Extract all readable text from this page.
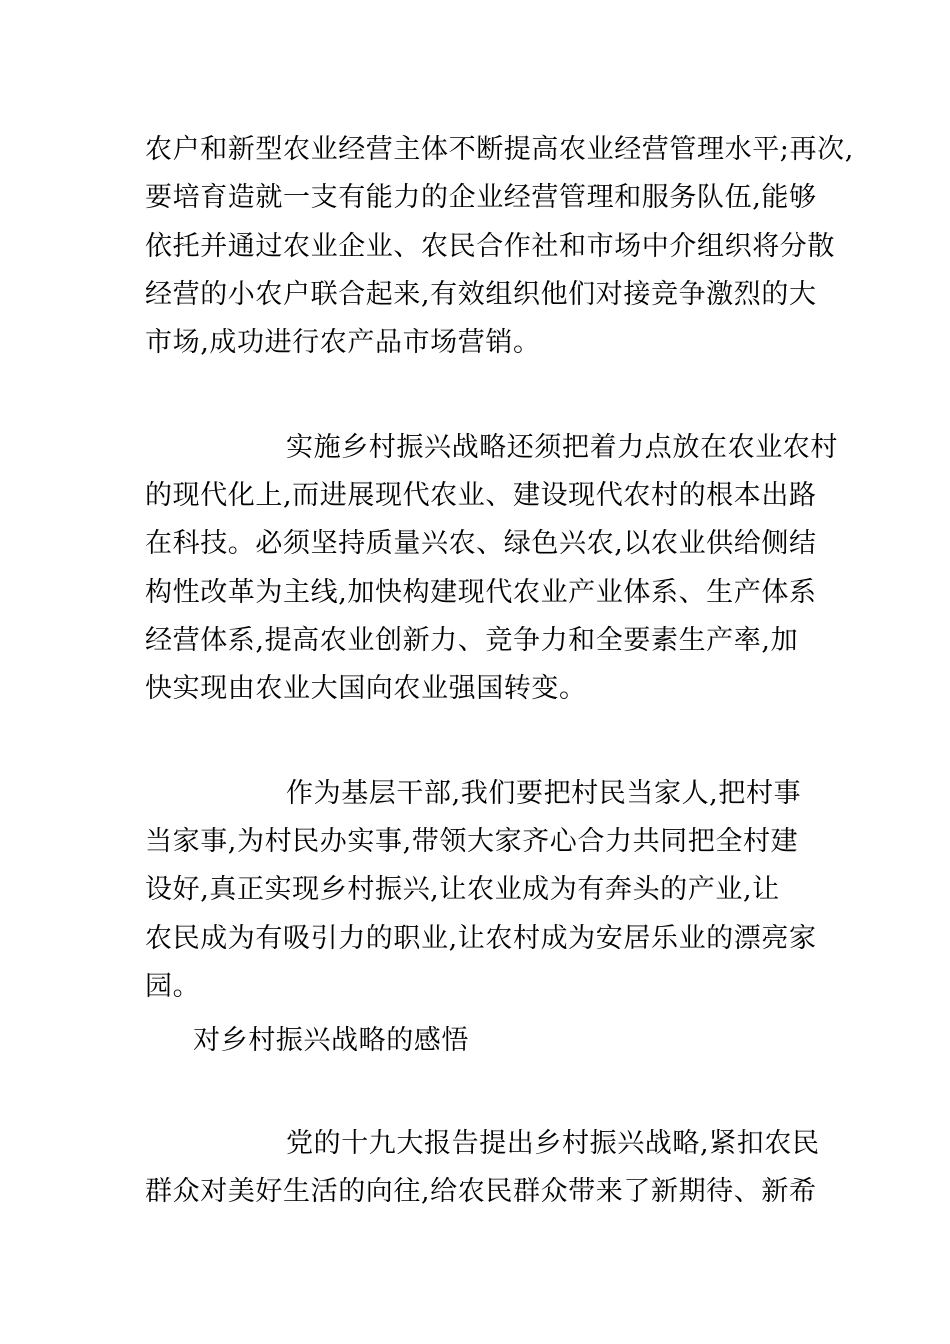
农户和新型农业经营主体不断提高农业经营管理水平;再次,
要培育造就一支有能力的企业经营管理和服务队伍,能够
依托并通过农业企业、农民合作社和市场中介组织将分散
经营的小农户联合起来,有效组织他们对接竞争激烈的大
市场,成功进行农产品市场营销。
实施乡村振兴战略还须把着力点放在农业农村
的现代化上,而进展现代农业、建设现代农村的根本出路
在科技。必须坚持质量兴农、绿色兴农,以农业供给侧结
构性改革为主线,加快构建现代农业产业体系、生产体系
经营体系,提高农业创新力、竞争力和全要素生产率,加
快实现由农业大国向农业强国转变。
作为基层干部,我们要把村民当家人,把村事
当家事,为村民办实事,带领大家齐心合力共同把全村建
设好,真正实现乡村振兴,让农业成为有奔头的产业,让
农民成为有吸引力的职业,让农村成为安居乐业的漂亮家
园。
对乡村振兴战略的感悟
党的十九大报告提出乡村振兴战略,紧扣农民
群众对美好生活的向往,给农民群众带来了新期待、新希
